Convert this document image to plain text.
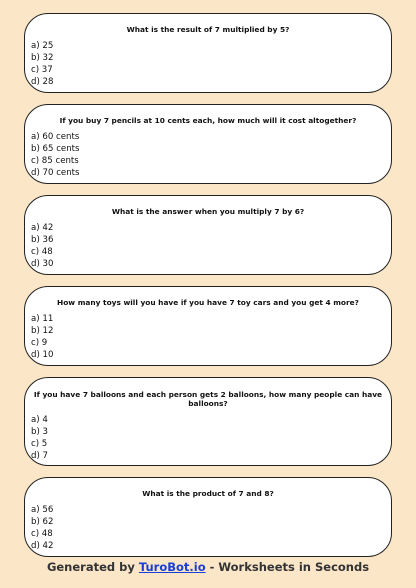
What is the result of 7 multiplied by 5?
a) 25
b) 32
c) 37
d) 28
If you buy 7 pencils at 10 cents each, how much will it cost altogether?
a) 60 cents
b) 65 cents
c) 85 cents
d) 70 cents
What is the answer when you multiply 7 by 6?
a) 42
b) 36
c) 48
d) 30
How many toys will you have if you have 7 toy cars and you get 4 more?
a) 11
b) 12
c) 9
d) 10
If you have 7 balloons and each person gets 2 balloons, how many people can have balloons?
a) 4
b) 3
c) 5
d) 7
What is the product of 7 and 8?
a) 56
b) 62
c) 48
d) 42
Generated by TuroBot.io - Worksheets in Seconds
